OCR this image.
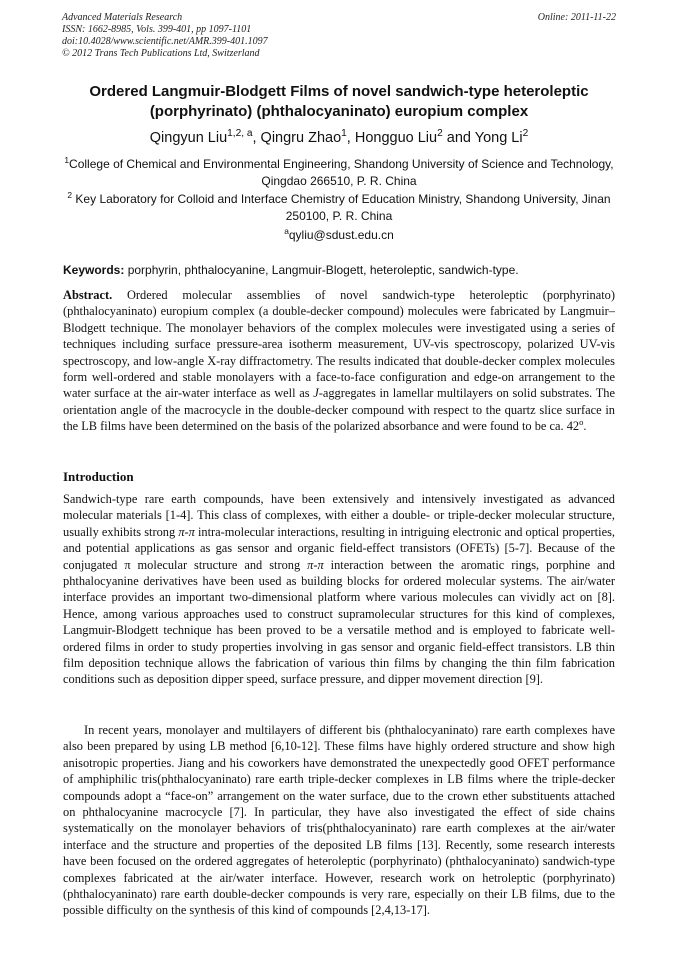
Advanced Materials Research
ISSN: 1662-8985, Vols. 399-401, pp 1097-1101
doi:10.4028/www.scientific.net/AMR.399-401.1097
© 2012 Trans Tech Publications Ltd, Switzerland
Online: 2011-11-22
Ordered Langmuir-Blodgett Films of novel sandwich-type heteroleptic
(porphyrinato) (phthalocyaninato) europium complex
Qingyun Liu$^{1,2, a}$, Qingru Zhao$^1$, Hongguo Liu$^2$ and Yong Li$^2$
$^1$College of Chemical and Environmental Engineering, Shandong University of Science and Technology, Qingdao 266510, P. R. China
$^2$ Key Laboratory for Colloid and Interface Chemistry of Education Ministry, Shandong University, Jinan 250100, P. R. China
$^a$qyliu@sdust.edu.cn
Keywords: porphyrin, phthalocyanine, Langmuir-Blogett, heteroleptic, sandwich-type.

Abstract. Ordered molecular assemblies of novel sandwich-type heteroleptic (porphyrinato) (phthalocyaninato) europium complex (a double-decker compound) molecules were fabricated by Langmuir–Blodgett technique. The monolayer behaviors of the complex molecules were investigated using a series of techniques including surface pressure-area isotherm measurement, UV-vis spectroscopy, polarized UV-vis spectroscopy, and low-angle X-ray diffractometry. The results indicated that double-decker complex molecules form well-ordered and stable monolayers with a face-to-face configuration and edge-on arrangement to the water surface at the air-water interface as well as J-aggregates in lamellar multilayers on solid substrates. The orientation angle of the macrocycle in the double-decker compound with respect to the quartz slice surface in the LB films have been determined on the basis of the polarized absorbance and were found to be ca. 42$^o$.

Introduction

Sandwich-type rare earth compounds, have been extensively and intensively investigated as advanced molecular materials [1-4]. This class of complexes, with either a double- or triple-decker molecular structure, usually exhibits strong π-π intra-molecular interactions, resulting in intriguing electronic and optical properties, and potential applications as gas sensor and organic field-effect transistors (OFETs) [5-7]. Because of the conjugated π molecular structure and strong π-π interaction between the aromatic rings, porphine and phthalocyanine derivatives have been used as building blocks for ordered molecular systems. The air/water interface provides an important two-dimensional platform where various molecules can vividly act on [8]. Hence, among various approaches used to construct supramolecular structures for this kind of complexes, Langmuir-Blodgett technique has been proved to be a versatile method and is employed to fabricate well-ordered films in order to study properties involving in gas sensor and organic field-effect transistors. LB thin film deposition technique allows the fabrication of various thin films by changing the thin film fabrication conditions such as deposition dipper speed, surface pressure, and dipper movement direction [9].

In recent years, monolayer and multilayers of different bis (phthalocyaninato) rare earth complexes have also been prepared by using LB method [6,10-12]. These films have highly ordered structure and show high anisotropic properties. Jiang and his coworkers have demonstrated the unexpectedly good OFET performance of amphiphilic tris(phthalocyaninato) rare earth triple-decker complexes in LB films where the triple-decker compounds adopt a “face-on” arrangement on the water surface, due to the crown ether substituents attached on phthalocyanine macrocycle [7]. In particular, they have also investigated the effect of side chains systematically on the monolayer behaviors of tris(phthalocyaninato) rare earth complexes at the air/water interface and the structure and properties of the deposited LB films [13]. Recently, some research interests have been focused on the ordered aggregates of heteroleptic (porphyrinato) (phthalocyaninato) sandwich-type complexes fabricated at the air/water interface. However, research work on hetroleptic (porphyrinato)(phthalocyaninato) rare earth double-decker compounds is very rare, especially on their LB films, due to the possible difficulty on the synthesis of this kind of compounds [2,4,13-17].
